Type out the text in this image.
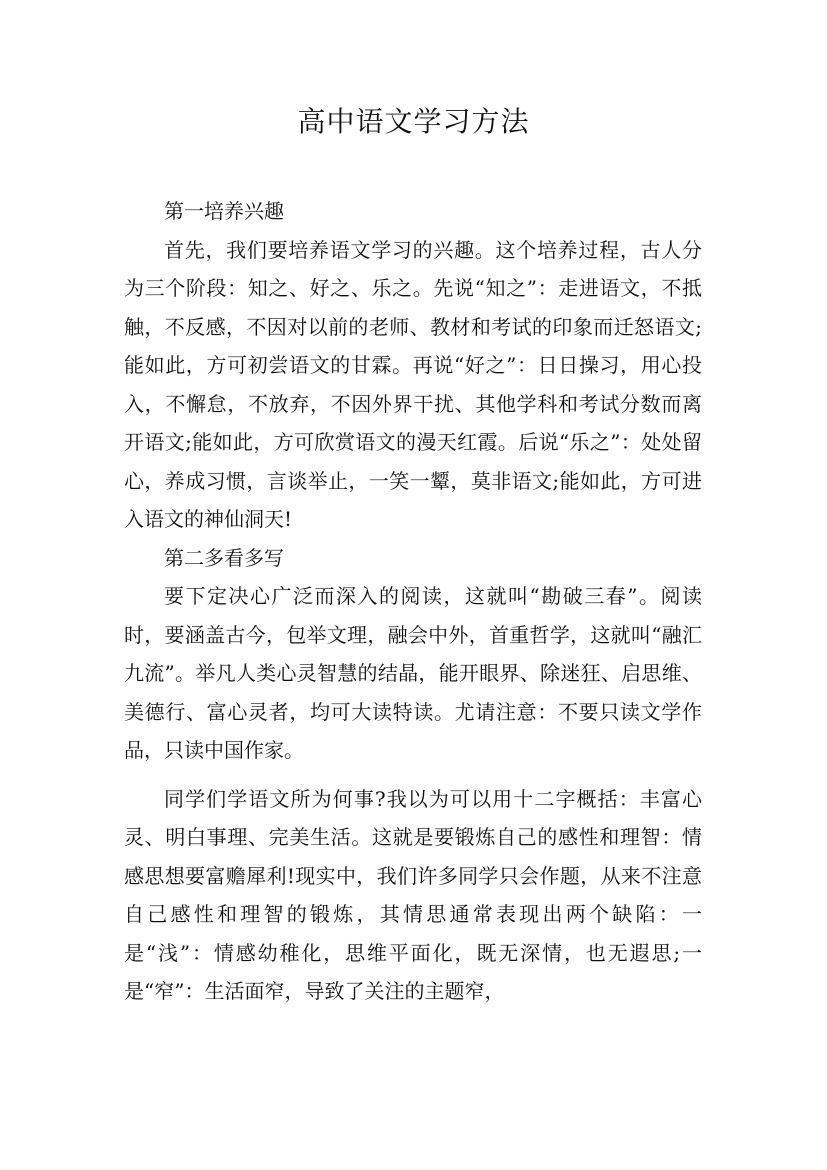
高中语文学习方法

第一培养兴趣

首先，我们要培养语文学习的兴趣。这个培养过程，古人分为三个阶段：知之、好之、乐之。先说“知之”：走进语文，不抵触，不反感，不因对以前的老师、教材和考试的印象而迁怒语文;能如此，方可初尝语文的甘霖。再说“好之”：日日操习，用心投入，不懈怠，不放弃，不因外界干扰、其他学科和考试分数而离开语文;能如此，方可欣赏语文的漫天红霞。后说“乐之”：处处留心，养成习惯，言谈举止，一笑一颦，莫非语文;能如此，方可进入语文的神仙洞天!

第二多看多写

要下定决心广泛而深入的阅读，这就叫“勘破三春”。阅读时，要涵盖古今，包举文理，融会中外，首重哲学，这就叫“融汇九流”。举凡人类心灵智慧的结晶，能开眼界、除迷狂、启思维、美德行、富心灵者，均可大读特读。尤请注意：不要只读文学作品，只读中国作家。

同学们学语文所为何事?我以为可以用十二字概括：丰富心灵、明白事理、完美生活。这就是要锻炼自己的感性和理智：情感思想要富赡犀利!现实中，我们许多同学只会作题，从来不注意自己感性和理智的锻炼，其情思通常表现出两个缺陷：一是“浅”：情感幼稚化，思维平面化，既无深情，也无遐思;一是“窄”：生活面窄，导致了关注的主题窄，
